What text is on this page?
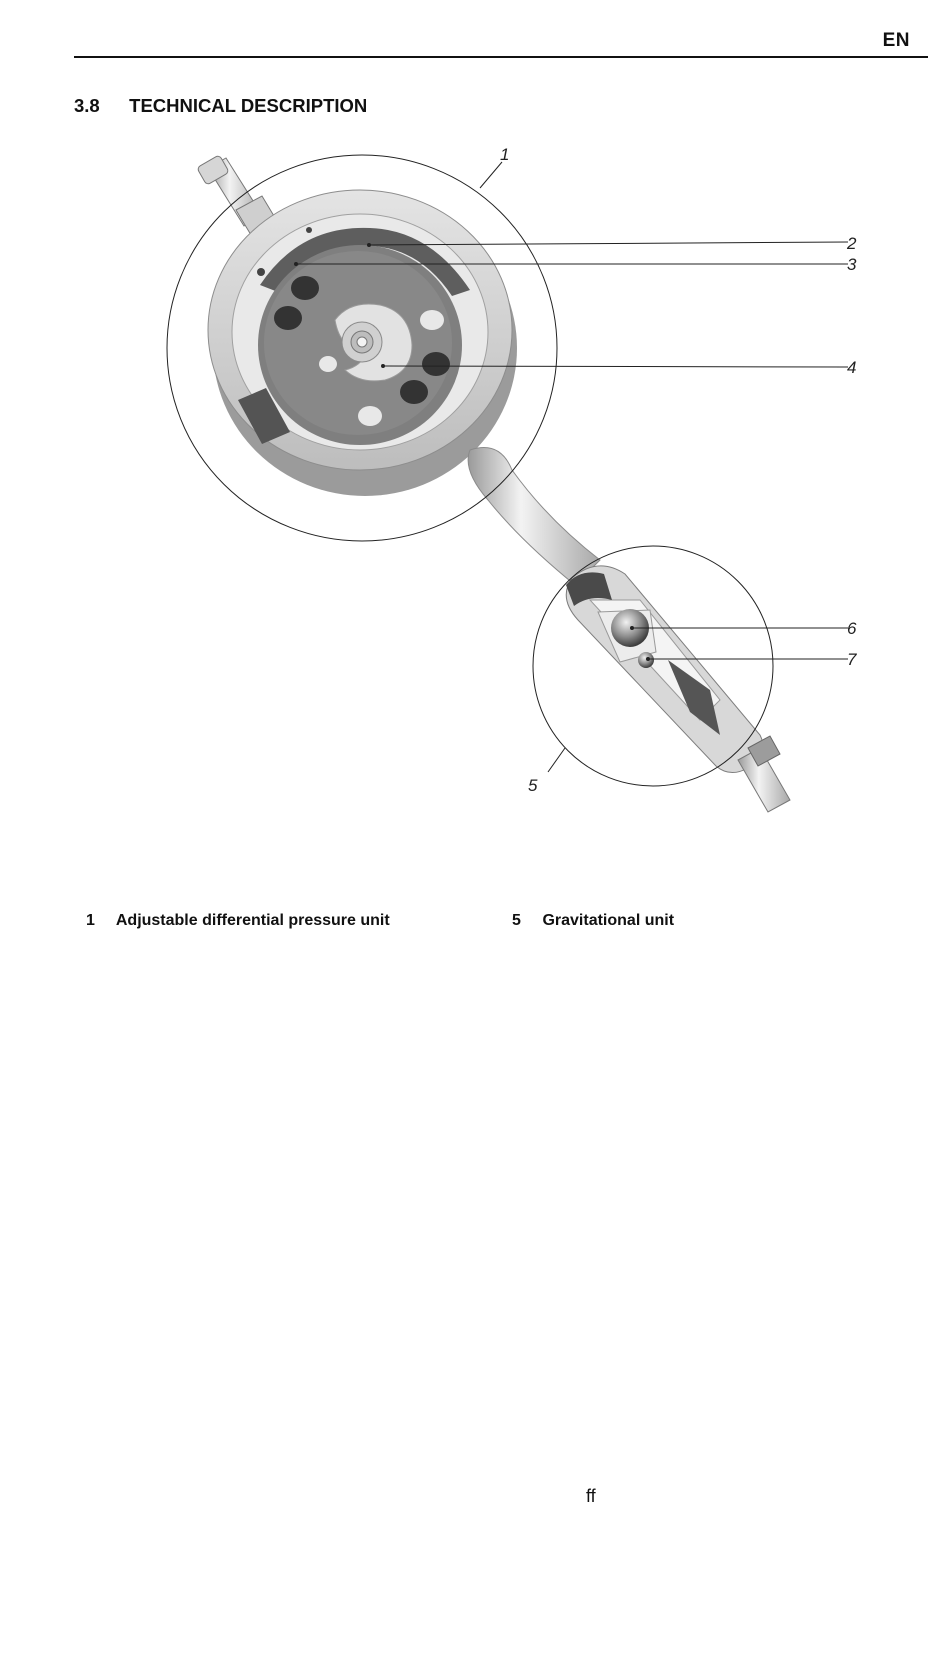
EN
3.8 TECHNICAL DESCRIPTION
1
2
3
4
5
6
7
1 Adjustable differential pressure unit	5 Gravitational unit
ff
